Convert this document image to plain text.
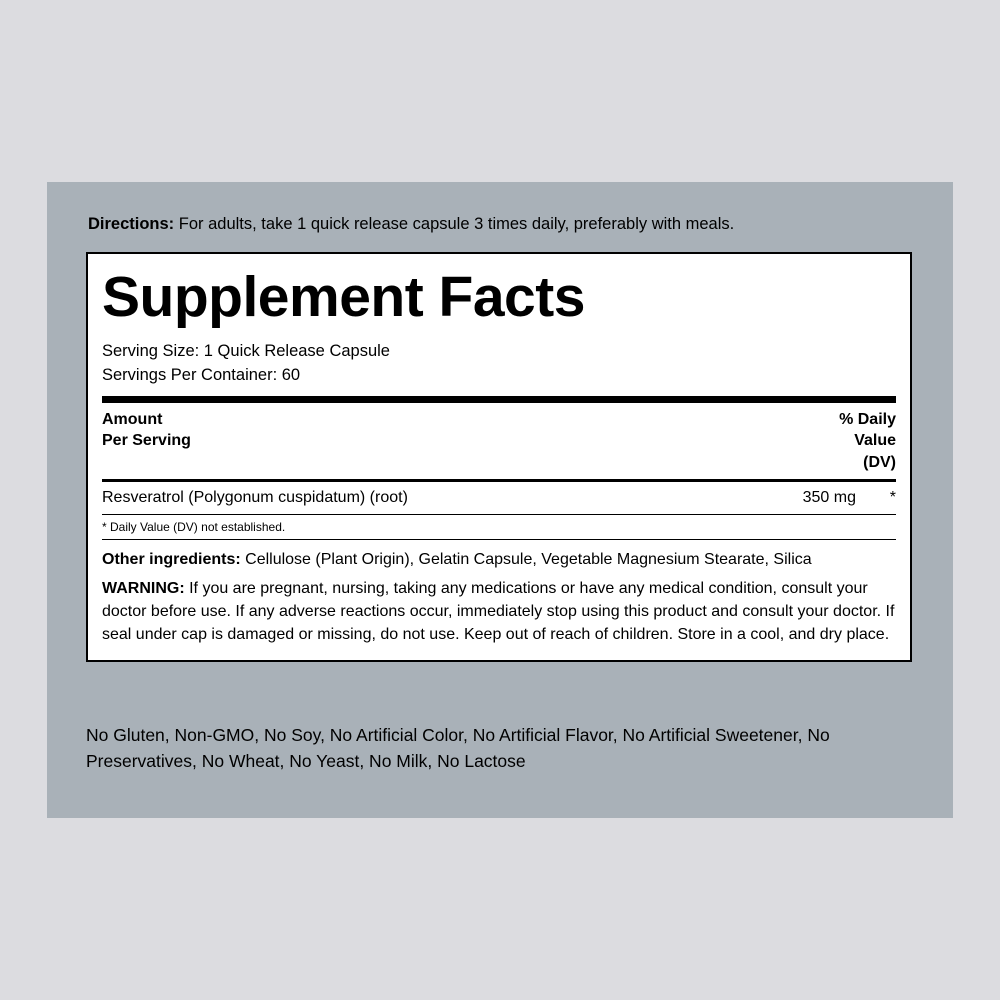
Directions: For adults, take 1 quick release capsule 3 times daily, preferably with meals.
Supplement Facts
Serving Size: 1 Quick Release Capsule
Servings Per Container: 60
Amount
Per Serving
% Daily
Value
(DV)
Resveratrol (Polygonum cuspidatum) (root)	350 mg	*
* Daily Value (DV) not established.
Other ingredients: Cellulose (Plant Origin), Gelatin Capsule, Vegetable Magnesium Stearate, Silica
WARNING: If you are pregnant, nursing, taking any medications or have any medical condition, consult your doctor before use. If any adverse reactions occur, immediately stop using this product and consult your doctor. If seal under cap is damaged or missing, do not use. Keep out of reach of children. Store in a cool, and dry place.
No Gluten, Non-GMO, No Soy, No Artificial Color, No Artificial Flavor, No Artificial Sweetener, No Preservatives, No Wheat, No Yeast, No Milk, No Lactose
